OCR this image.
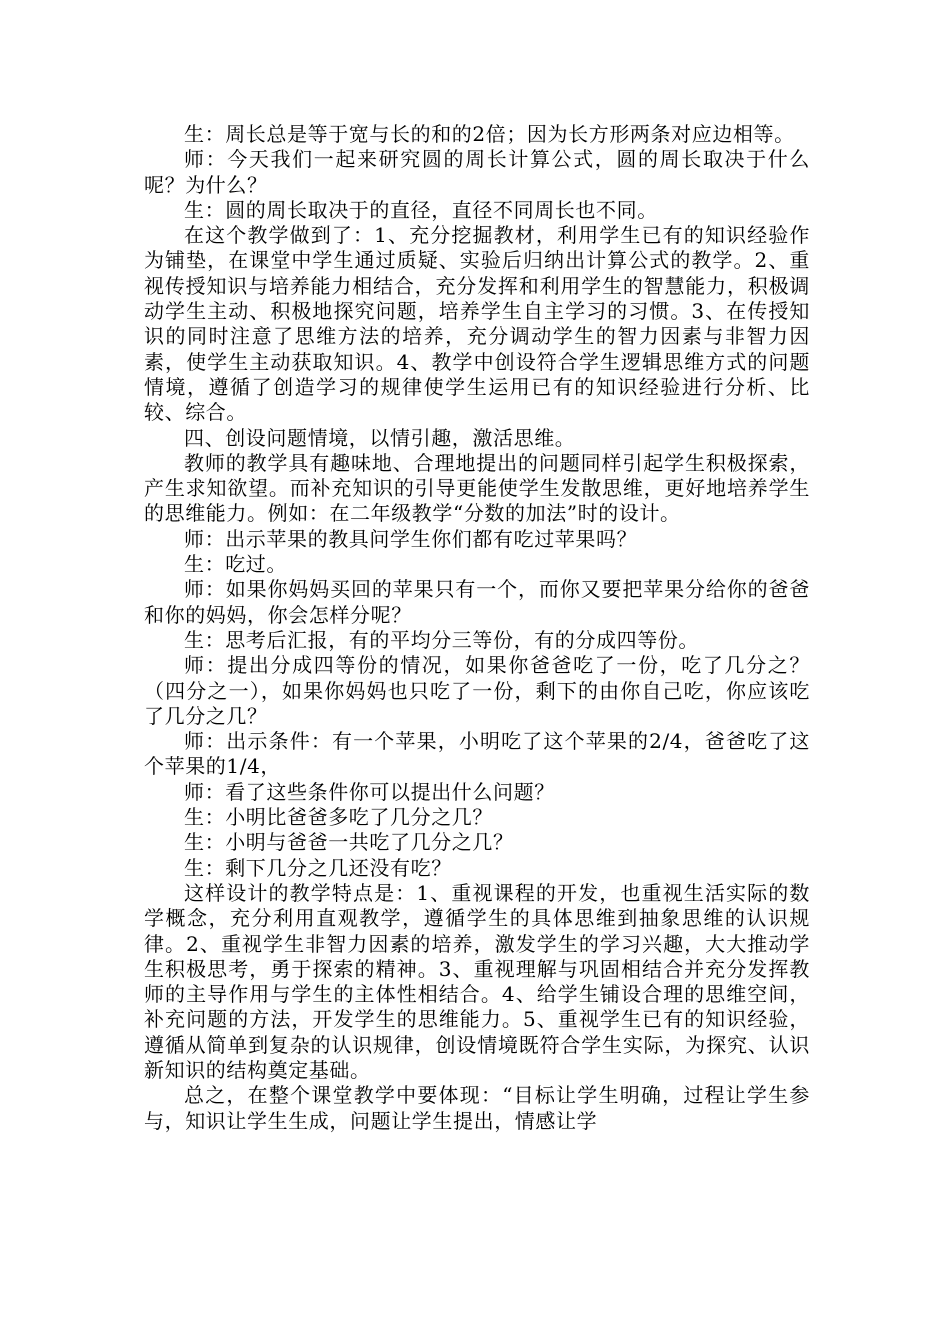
生：周长总是等于宽与长的和的2倍；因为长方形两条对应边相等。

师：今天我们一起来研究圆的周长计算公式，圆的周长取决于什么呢？为什么？

生：圆的周长取决于的直径，直径不同周长也不同。

在这个教学做到了：1、充分挖掘教材，利用学生已有的知识经验作为铺垫，在课堂中学生通过质疑、实验后归纳出计算公式的教学。2、重视传授知识与培养能力相结合，充分发挥和利用学生的智慧能力，积极调动学生主动、积极地探究问题，培养学生自主学习的习惯。3、在传授知识的同时注意了思维方法的培养，充分调动学生的智力因素与非智力因素，使学生主动获取知识。4、教学中创设符合学生逻辑思维方式的问题情境，遵循了创造学习的规律使学生运用已有的知识经验进行分析、比较、综合。

四、创设问题情境，以情引趣，激活思维。

教师的教学具有趣味地、合理地提出的问题同样引起学生积极探索，产生求知欲望。而补充知识的引导更能使学生发散思维，更好地培养学生的思维能力。例如：在二年级教学“分数的加法”时的设计。

师：出示苹果的教具问学生你们都有吃过苹果吗？

生：吃过。

师：如果你妈妈买回的苹果只有一个，而你又要把苹果分给你的爸爸和你的妈妈，你会怎样分呢？

生：思考后汇报，有的平均分三等份，有的分成四等份。

师：提出分成四等份的情况，如果你爸爸吃了一份，吃了几分之？（四分之一），如果你妈妈也只吃了一份，剩下的由你自己吃，你应该吃了几分之几？

师：出示条件：有一个苹果，小明吃了这个苹果的2/4，爸爸吃了这个苹果的1/4，

师：看了这些条件你可以提出什么问题？

生：小明比爸爸多吃了几分之几？

生：小明与爸爸一共吃了几分之几？

生：剩下几分之几还没有吃？

这样设计的教学特点是：1、重视课程的开发，也重视生活实际的数学概念，充分利用直观教学，遵循学生的具体思维到抽象思维的认识规律。2、重视学生非智力因素的培养，激发学生的学习兴趣，大大推动学生积极思考，勇于探索的精神。3、重视理解与巩固相结合并充分发挥教师的主导作用与学生的主体性相结合。4、给学生铺设合理的思维空间，补充问题的方法，开发学生的思维能力。5、重视学生已有的知识经验，遵循从简单到复杂的认识规律，创设情境既符合学生实际，为探究、认识新知识的结构奠定基础。

总之，在整个课堂教学中要体现：“目标让学生明确，过程让学生参与，知识让学生生成，问题让学生提出，情感让学
